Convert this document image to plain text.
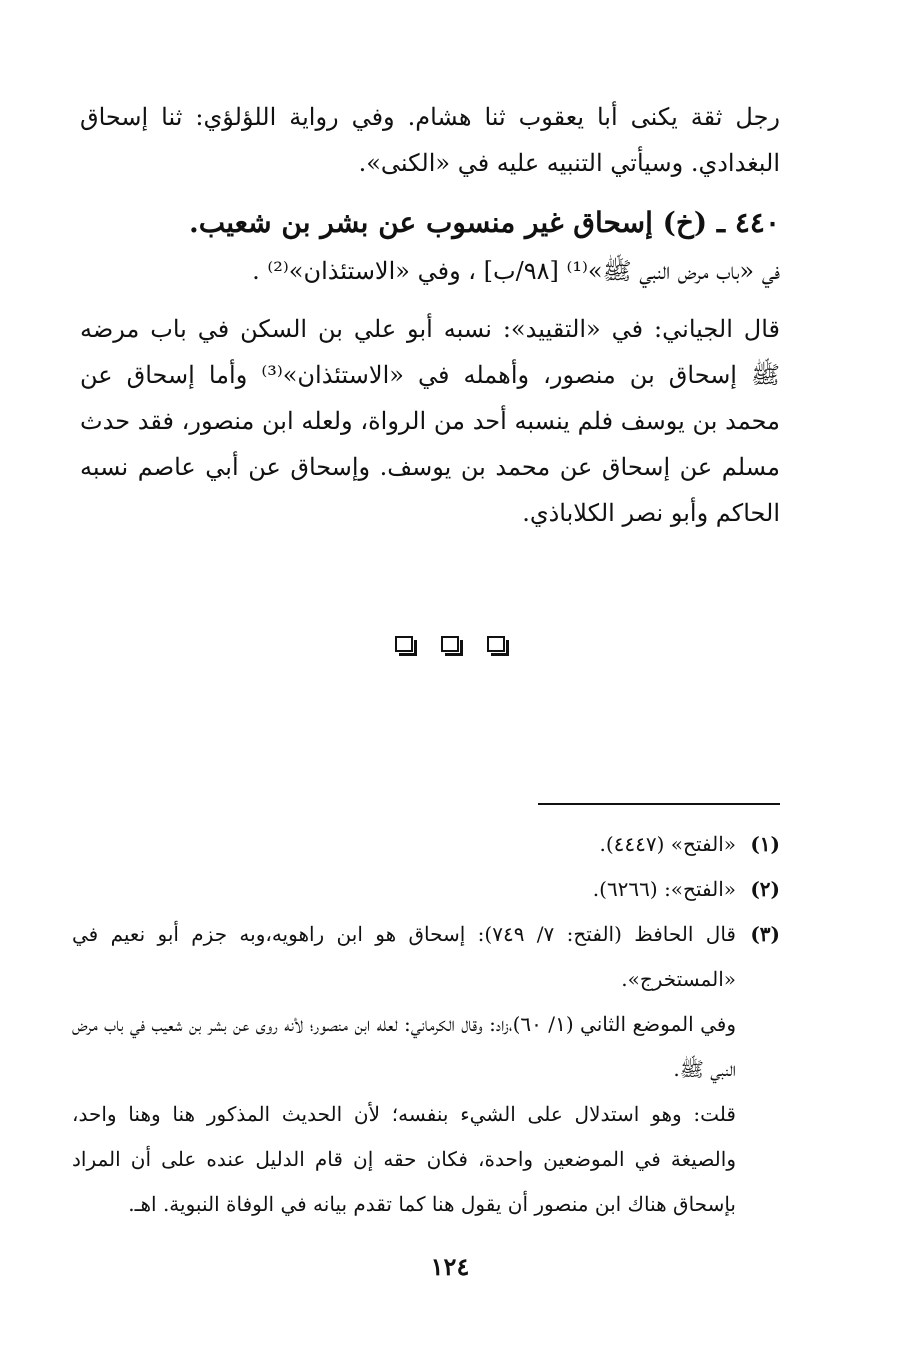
رجل ثقة يكنى أبا يعقوب ثنا هشام. وفي رواية اللؤلؤي: ثنا إسحاق البغدادي. وسيأتي التنبيه عليه في «الكنى».

٤٤٠ ـ (خ) إسحاق غير منسوب عن بشر بن شعيب.
في «باب مرض النبي ﷺ»⁽¹⁾ [٩٨/ب] ، وفي «الاستئذان»⁽²⁾ .

قال الجياني: في «التقييد»: نسبه أبو علي بن السكن في باب مرضه ﷺ إسحاق بن منصور، وأهمله في «الاستئذان»⁽³⁾ وأما إسحاق عن محمد بن يوسف فلم ينسبه أحد من الرواة، ولعله ابن منصور، فقد حدث مسلم عن إسحاق عن محمد بن يوسف. وإسحاق عن أبي عاصم نسبه الحاكم وأبو نصر الكلاباذي.

(١)
«الفتح» (٤٤٤٧).
(٢)
«الفتح»: (٦٢٦٦).
(٣)
قال الحافظ (الفتح: ٧/ ٧٤٩): إسحاق هو ابن راهويه،وبه جزم أبو نعيم في «المستخرج».
وفي الموضع الثاني (١/ ٦٠)،زاد: وقال الكرماني: لعله ابن منصور؛ لأنه روى عن بشر بن شعيب في باب مرض النبي ﷺ.
قلت: وهو استدلال على الشيء بنفسه؛ لأن الحديث المذكور هنا وهنا واحد، والصيغة في الموضعين واحدة، فكان حقه إن قام الدليل عنده على أن المراد بإسحاق هناك ابن منصور أن يقول هنا كما تقدم بيانه في الوفاة النبوية. اهـ.
١٢٤
